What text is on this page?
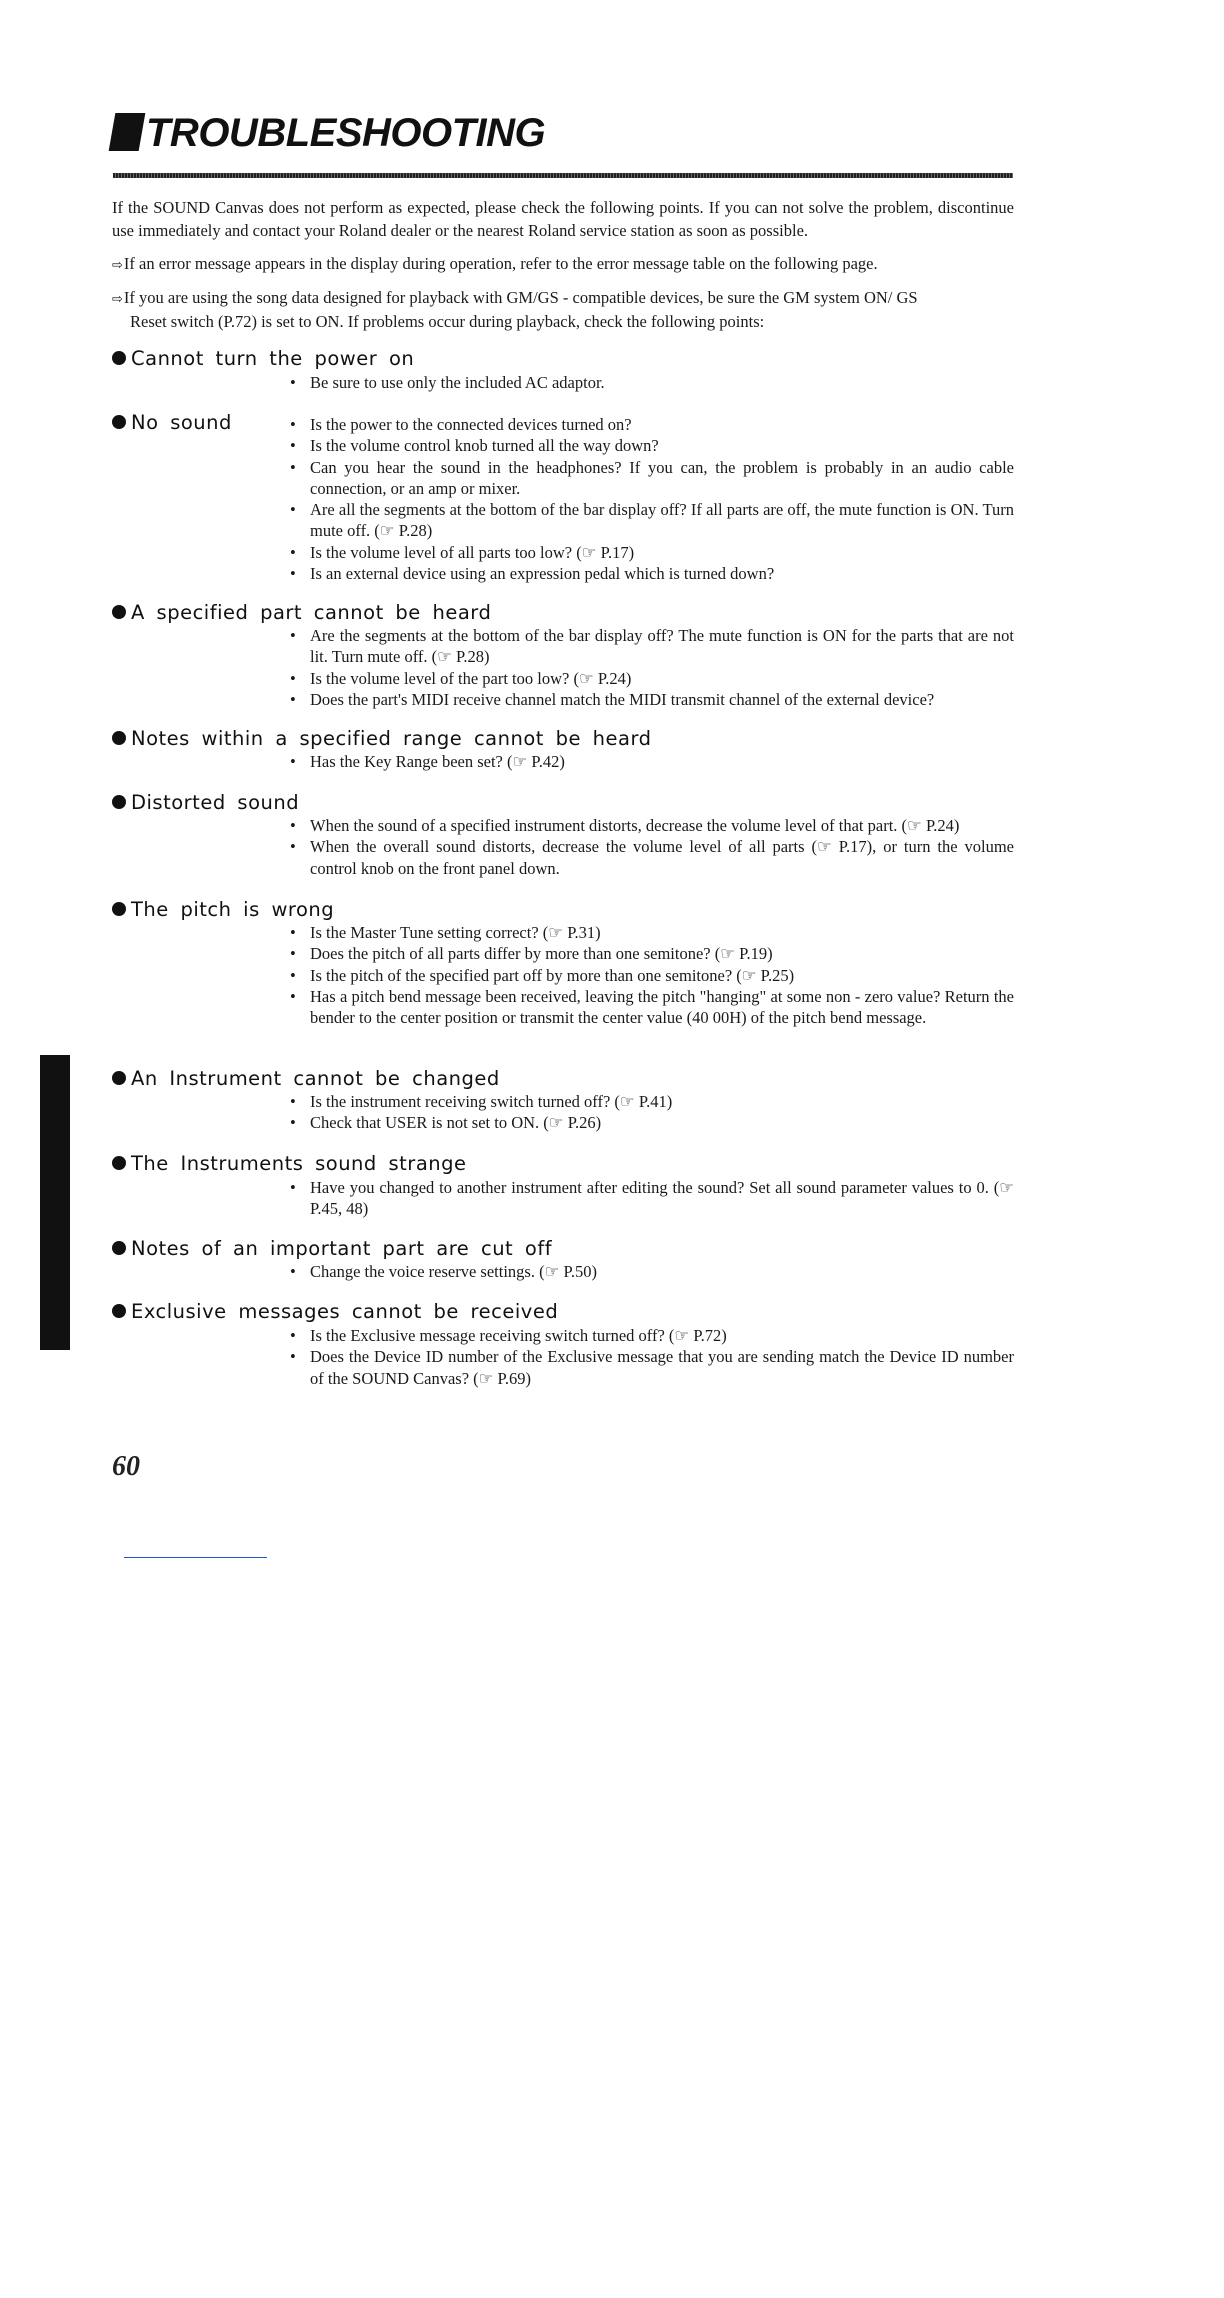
TROUBLESHOOTING

If the SOUND Canvas does not perform as expected, please check the following points. If you can not solve the problem, discontinue use immediately and contact your Roland dealer or the nearest Roland service station as soon as possible.

⇨If an error message appears in the display during operation, refer to the error message table on the following page.

⇨If you are using the song data designed for playback with GM/GS - compatible devices, be sure the GM system ON/ GS
Reset switch (P.72) is set to ON. If problems occur during playback, check the following points:

Cannot turn the power on
• Be sure to use only the included AC adaptor.
No sound
•	Is the power to the connected devices turned on?
• Is the volume control knob turned all the way down?
• Can you hear the sound in the headphones? If you can, the problem is probably in an audio cable connection, or an amp or mixer.
• Are all the segments at the bottom of the bar display off? If all parts are off, the mute function is ON. Turn mute off. (☞ P.28)
• Is the volume level of all parts too low? (☞ P.17)
• Is an external device using an expression pedal which is turned down?
A specified part cannot be heard
• Are the segments at the bottom of the bar display off? The mute function is ON for the parts that are not lit. Turn mute off. (☞ P.28)
• Is the volume level of the part too low? (☞ P.24)
• Does the part's MIDI receive channel match the MIDI transmit channel of the external device?
Notes within a specified range cannot be heard
• Has the Key Range been set? (☞ P.42)
Distorted sound
• When the sound of a specified instrument distorts, decrease the volume level of that part. (☞ P.24)
• When the overall sound distorts, decrease the volume level of all parts (☞ P.17), or turn the volume control knob on the front panel down.
The pitch is wrong
• Is the Master Tune setting correct? (☞ P.31)
• Does the pitch of all parts differ by more than one semitone? (☞ P.19)
• Is the pitch of the specified part off by more than one semitone? (☞ P.25)
• Has a pitch bend message been received, leaving the pitch "hanging" at some non - zero value? Return the bender to the center position or transmit the center value (40 00H) of the pitch bend message.
An Instrument cannot be changed
• Is the instrument receiving switch turned off? (☞ P.41)
• Check that USER is not set to ON. (☞ P.26)
The Instruments sound strange
• Have you changed to another instrument after editing the sound? Set all sound parameter values to 0. (☞ P.45, 48)
Notes of an important part are cut off
• Change the voice reserve settings. (☞ P.50)
Exclusive messages cannot be received
• Is the Exclusive message receiving switch turned off? (☞ P.72)
• Does the Device ID number of the Exclusive message that you are sending match the Device ID number of the SOUND Canvas? (☞ P.69)
APPENDIX
60
